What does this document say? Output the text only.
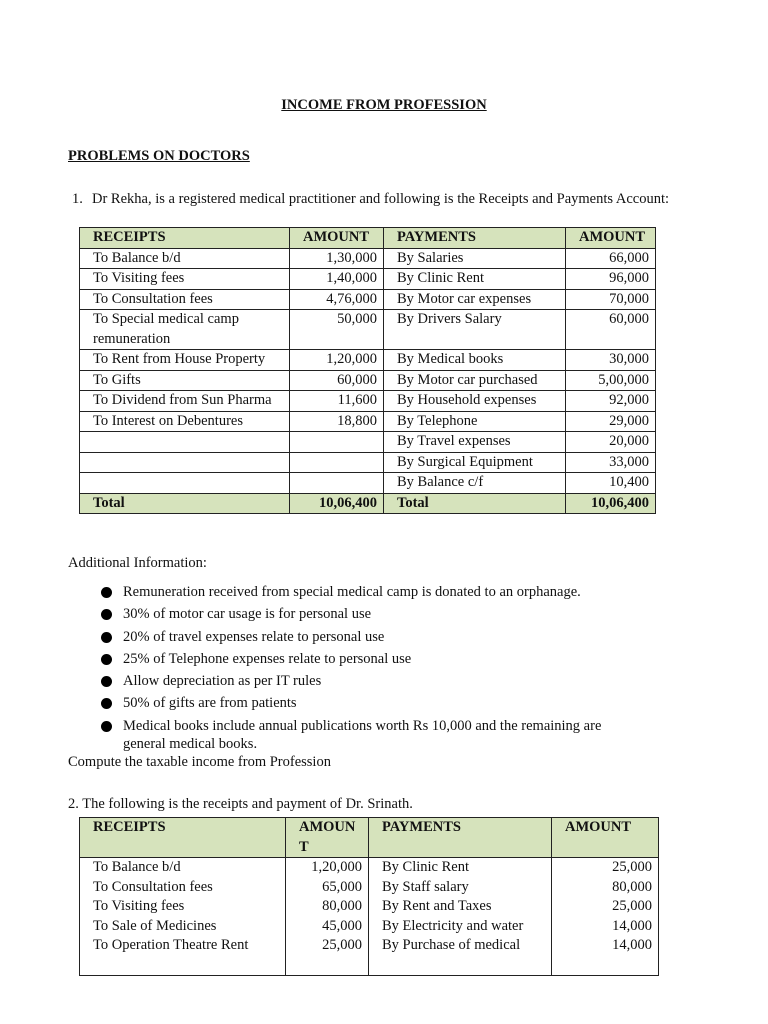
INCOME FROM PROFESSION
PROBLEMS ON DOCTORS
1. Dr Rekha, is a registered medical practitioner and following is the Receipts and Payments Account:
RECEIPTS	AMOUNT	PAYMENTS	AMOUNT
To Balance b/d	1,30,000	By Salaries	66,000
To Visiting fees	1,40,000	By Clinic Rent	96,000
To Consultation fees	4,76,000	By Motor car expenses	70,000
To Special medical camp remuneration	50,000	By Drivers Salary	60,000
To Rent from House Property	1,20,000	By Medical books	30,000
To Gifts	60,000	By Motor car purchased	5,00,000
To Dividend from Sun Pharma	11,600	By Household expenses	92,000
To Interest on Debentures	18,800	By Telephone	29,000
		By Travel expenses	20,000
		By Surgical Equipment	33,000
		By Balance c/f	10,400
Total	10,06,400	Total	10,06,400
Additional Information:
Remuneration received from special medical camp is donated to an orphanage.
30% of motor car usage is for personal use
20% of travel expenses relate to personal use
25% of Telephone expenses relate to personal use
Allow depreciation as per IT rules
50% of gifts are from patients
Medical books include annual publications worth Rs 10,000 and the remaining are general medical books.
Compute the taxable income from Profession
2. The following is the receipts and payment of Dr. Srinath.
RECEIPTS	AMOUNT	PAYMENTS	AMOUNT
To Balance b/d	1,20,000	By Clinic Rent	25,000
To Consultation fees	65,000	By Staff salary	80,000
To Visiting fees	80,000	By Rent and Taxes	25,000
To Sale of Medicines	45,000	By Electricity and water	14,000
To Operation Theatre Rent	25,000	By Purchase of medical	14,000
